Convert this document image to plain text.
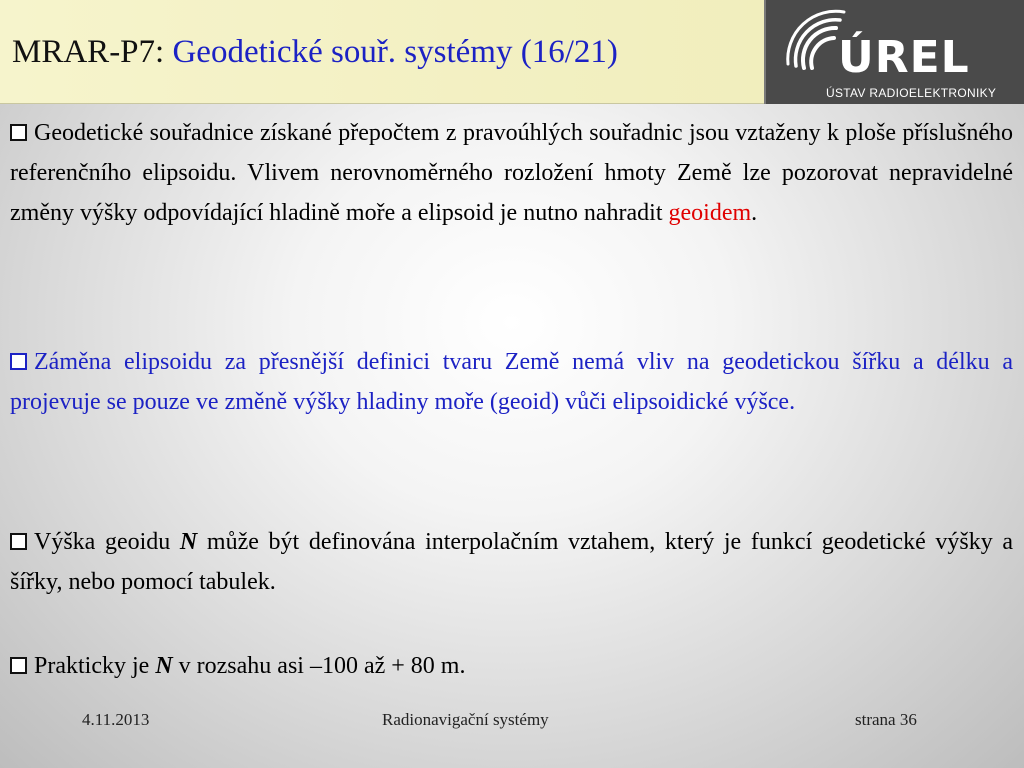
MRAR-P7: Geodetické souř. systémy (16/21)	ÚREL
ÚSTAV RADIOELEKTRONIKY

Geodetické souřadnice získané přepočtem z pravoúhlých souřadnic jsou vztaženy k ploše příslušného referenčního elipsoidu. Vlivem nerovnoměrného rozložení hmoty Země lze pozorovat nepravidelné změny výšky odpovídající hladině moře a elipsoid je nutno nahradit geoidem.

Záměna elipsoidu za přesnější definici tvaru Země nemá vliv na geodetickou šířku a délku a projevuje se pouze ve změně výšky hladiny moře (geoid) vůči elipsoidické výšce.

Výška geoidu N může být definována interpolačním vztahem, který je funkcí geodetické výšky a šířky, nebo pomocí tabulek.

Prakticky je N v rozsahu asi –100 až + 80 m.

4.11.2013	Radionavigační systémy	strana 36
